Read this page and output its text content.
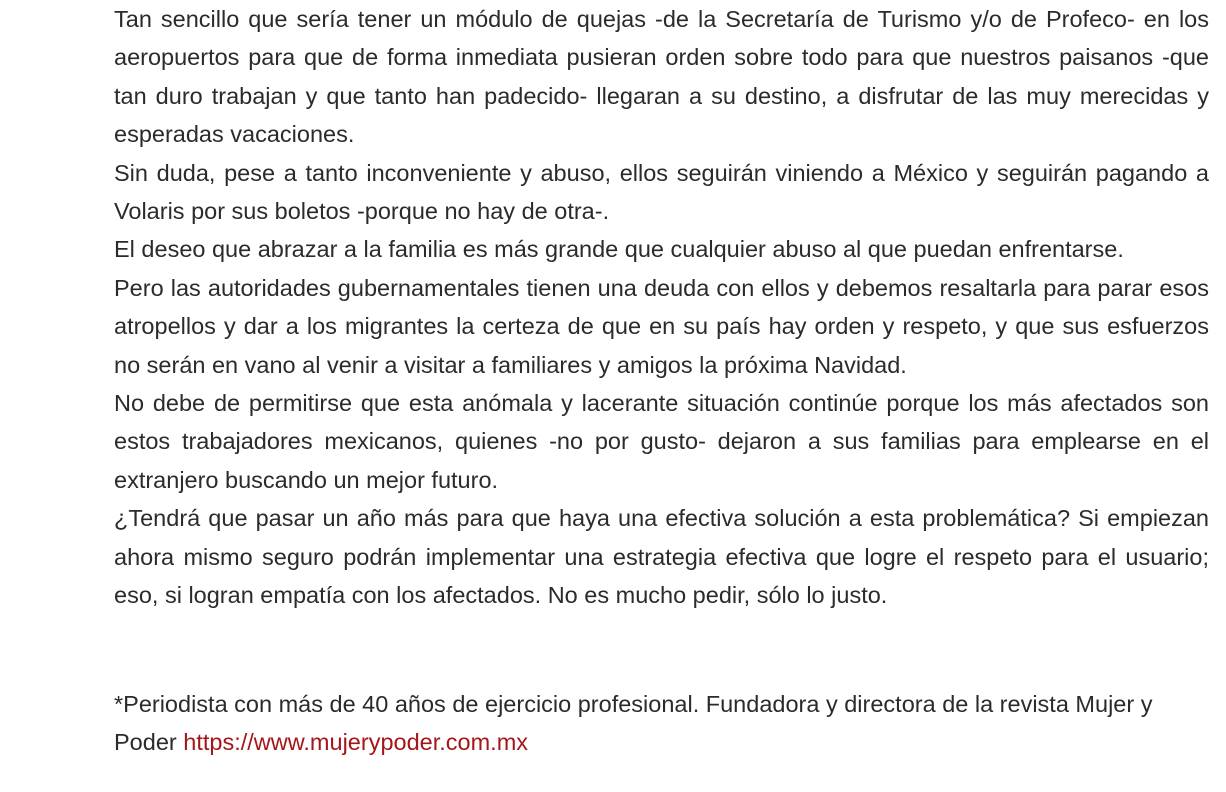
Tan sencillo que sería tener un módulo de quejas -de la Secretaría de Turismo y/o de Profeco- en los aeropuertos para que de forma inmediata pusieran orden sobre todo para que nuestros paisanos -que tan duro trabajan y que tanto han padecido- llegaran a su destino, a disfrutar de las muy merecidas y esperadas vacaciones.

Sin duda, pese a tanto inconveniente y abuso, ellos seguirán viniendo a México y seguirán pagando a Volaris por sus boletos -porque no hay de otra-.

El deseo que abrazar a la familia es más grande que cualquier abuso al que puedan enfrentarse.

Pero las autoridades gubernamentales tienen una deuda con ellos y debemos resaltarla para parar esos atropellos y dar a los migrantes la certeza de que en su país hay orden y respeto, y que sus esfuerzos no serán en vano al venir a visitar a familiares y amigos la próxima Navidad.

No debe de permitirse que esta anómala y lacerante situación continúe porque los más afectados son estos trabajadores mexicanos, quienes -no por gusto- dejaron a sus familias para emplearse en el extranjero buscando un mejor futuro.

¿Tendrá que pasar un año más para que haya una efectiva solución a esta problemática? Si empiezan ahora mismo seguro podrán implementar una estrategia efectiva que logre el respeto para el usuario; eso, si logran empatía con los afectados. No es mucho pedir, sólo lo justo.

*Periodista con más de 40 años de ejercicio profesional. Fundadora y directora de la revista Mujer y Poder https://www.mujerypoder.com.mx
